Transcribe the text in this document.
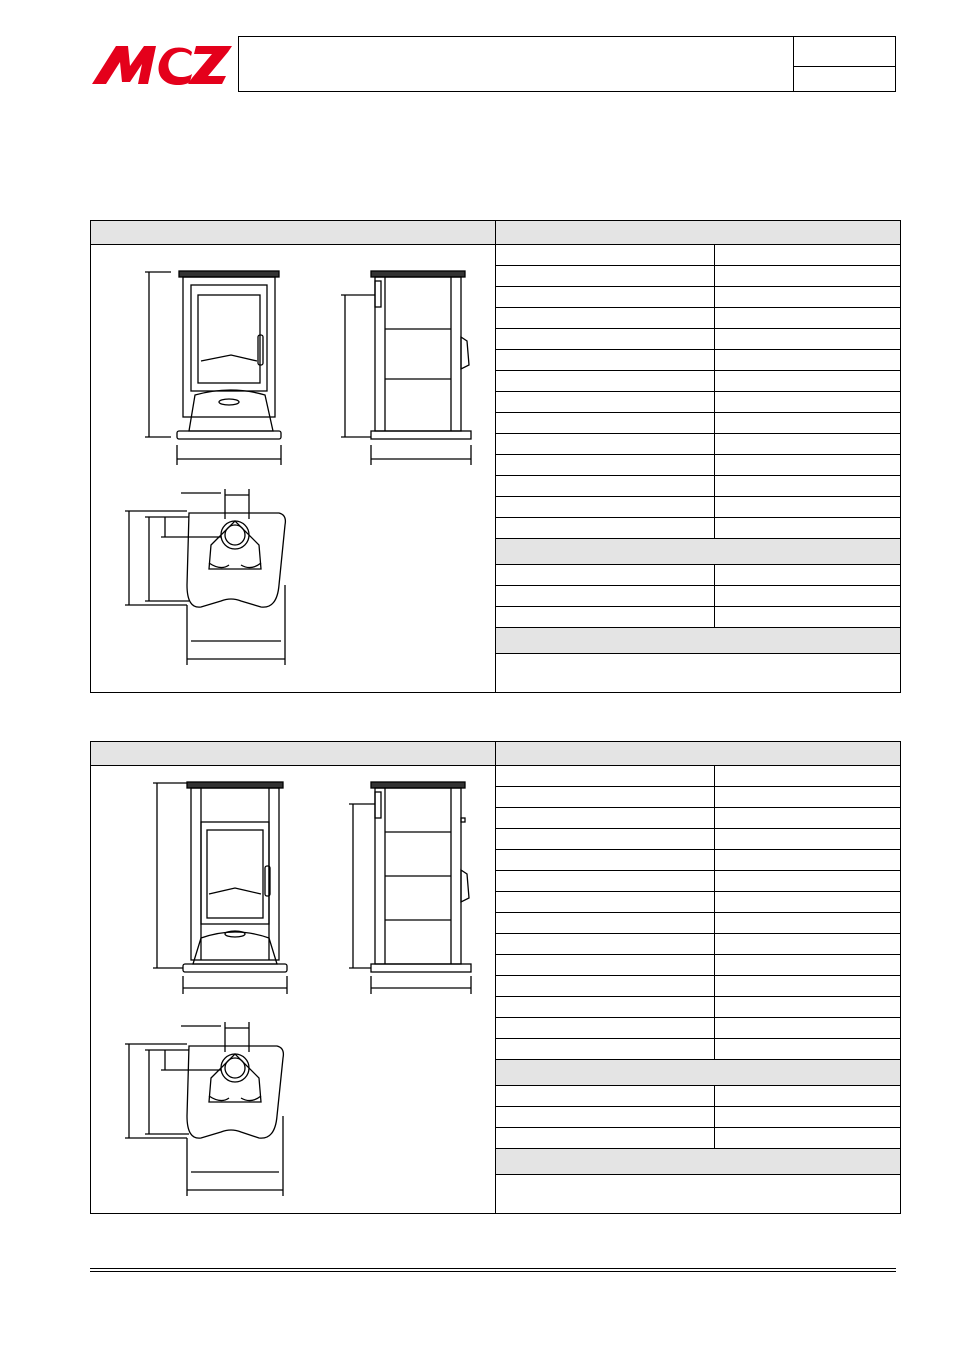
MCZ
